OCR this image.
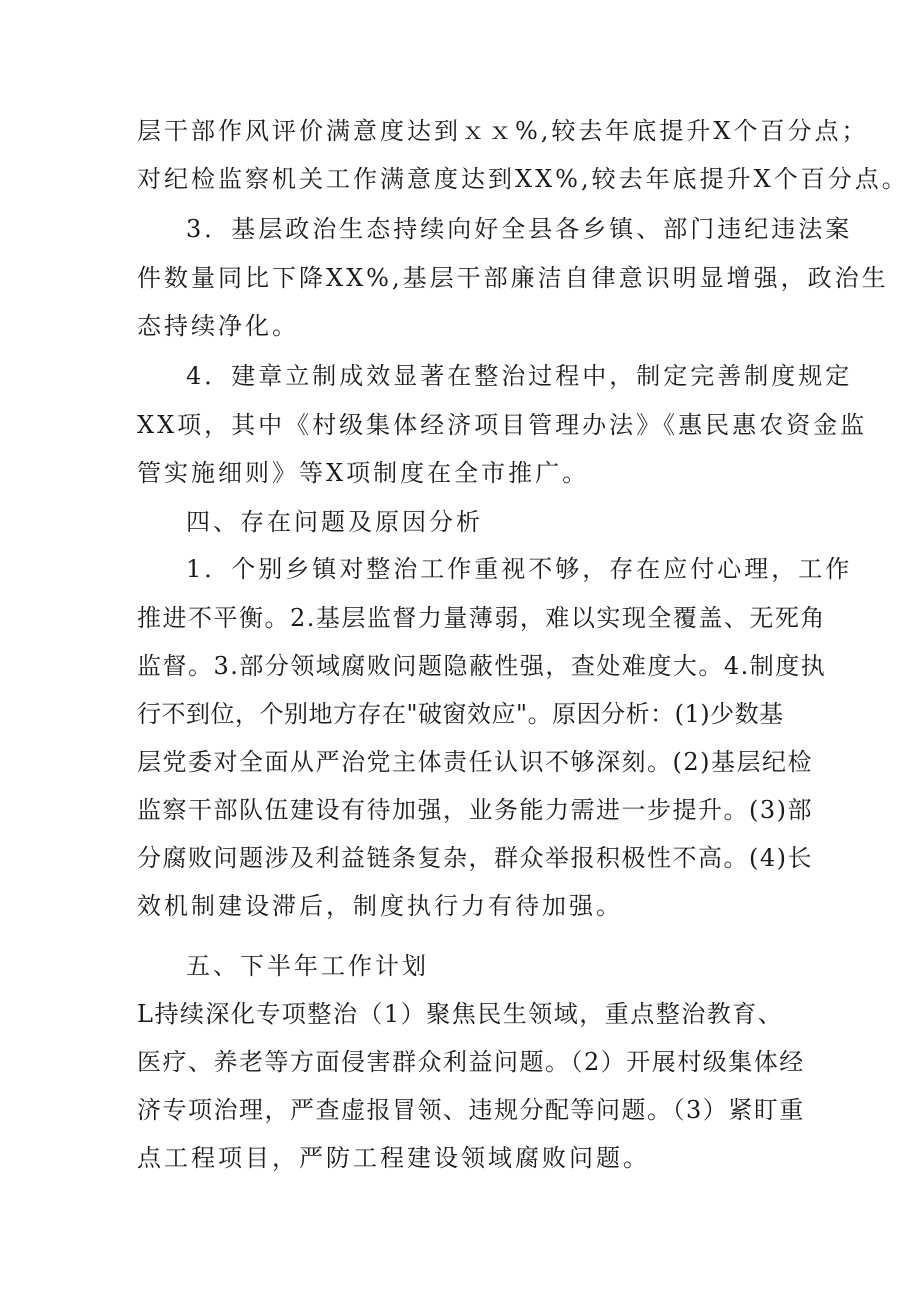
层干部作风评价满意度达到ｘｘ%,较去年底提升X个百分点；
对纪检监察机关工作满意度达到XX%,较去年底提升X个百分点。
3．基层政治生态持续向好全县各乡镇、部门违纪违法案
件数量同比下降XX%,基层干部廉洁自律意识明显增强，政治生
态持续净化。
4．建章立制成效显著在整治过程中，制定完善制度规定
XX项，其中《村级集体经济项目管理办法》《惠民惠农资金监
管实施细则》等X项制度在全市推广。
四、存在问题及原因分析
1．个别乡镇对整治工作重视不够，存在应付心理，工作
推进不平衡。2.基层监督力量薄弱，难以实现全覆盖、无死角
监督。3.部分领域腐败问题隐蔽性强，查处难度大。4.制度执
行不到位，个别地方存在"破窗效应"。原因分析：(1)少数基
层党委对全面从严治党主体责任认识不够深刻。(2)基层纪检
监察干部队伍建设有待加强，业务能力需进一步提升。(3)部
分腐败问题涉及利益链条复杂，群众举报积极性不高。(4)长
效机制建设滞后，制度执行力有待加强。
五、下半年工作计划
L持续深化专项整治（1）聚焦民生领域，重点整治教育、
医疗、养老等方面侵害群众利益问题。（2）开展村级集体经
济专项治理，严查虚报冒领、违规分配等问题。（3）紧盯重
点工程项目，严防工程建设领域腐败问题。
